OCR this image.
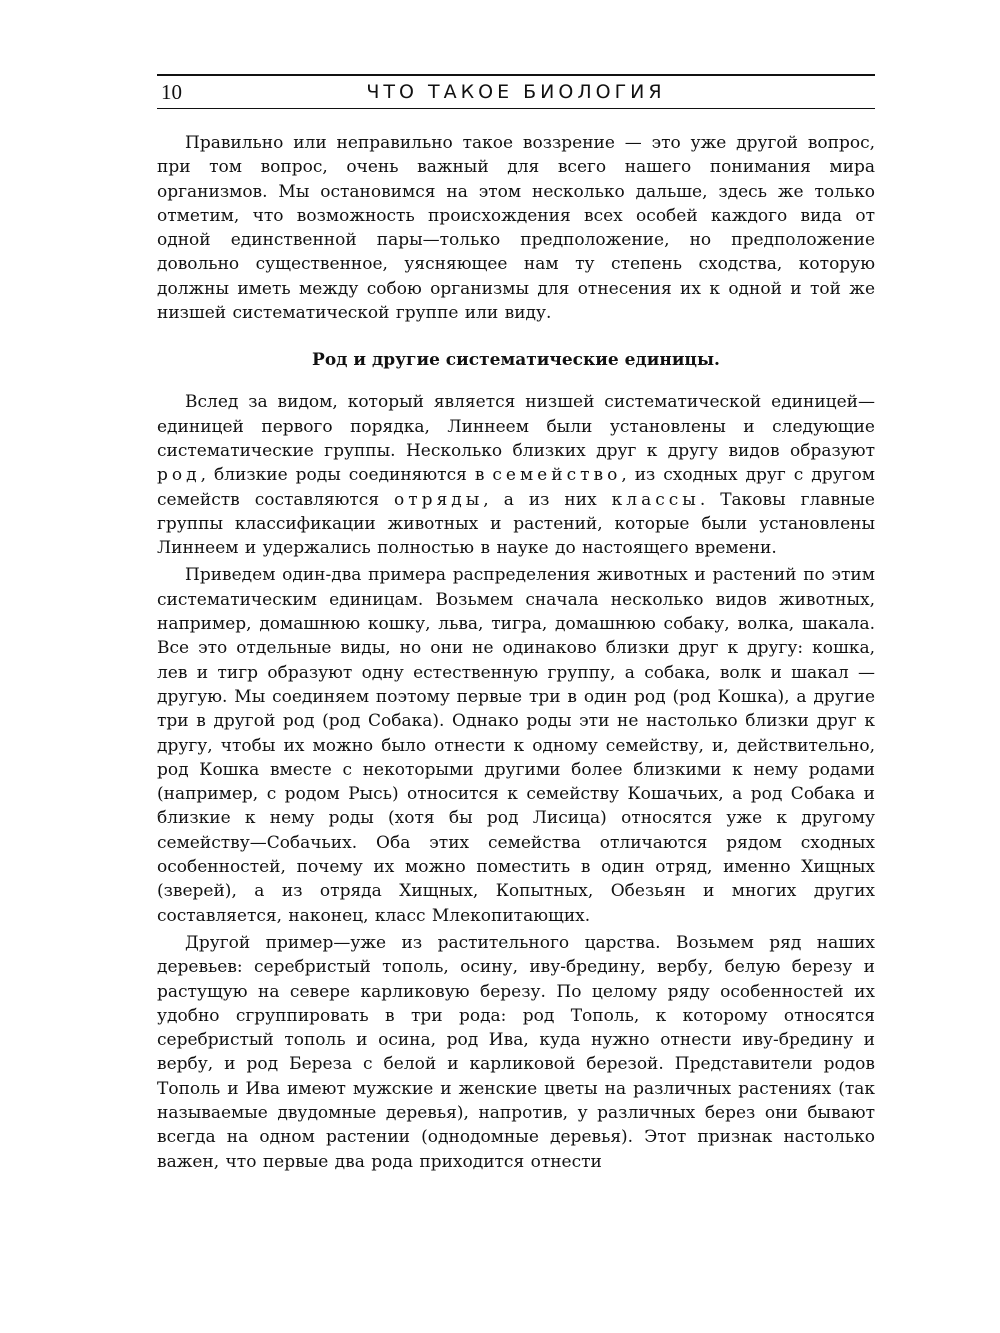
10	ЧТО ТАКОЕ БИОЛОГИЯ

Правильно или неправильно такое воззрение — это уже другой вопрос, при том вопрос, очень важный для всего нашего понимания мира организмов. Мы остановимся на этом несколько дальше, здесь же только отметим, что возможность происхождения всех особей каждого вида от одной единственной пары—только предположение, но предположение довольно существенное, уясняющее нам ту степень сходства, которую должны иметь между собою организмы для отнесения их к одной и той же низшей систематической группе или виду.

Род и другие систематические единицы.

Вслед за видом, который является низшей систематической единицей—единицей первого порядка, Линнеем были установлены и следующие систематические группы. Несколько близких друг к другу видов образуют род, близкие роды соединяются в семейство, из сходных друг с другом семейств составляются отряды, а из них классы. Таковы главные группы классификации животных и растений, которые были установлены Линнеем и удержались полностью в науке до настоящего времени.

Приведем один-два примера распределения животных и растений по этим систематическим единицам. Возьмем сначала несколько видов животных, например, домашнюю кошку, льва, тигра, домашнюю собаку, волка, шакала. Все это отдельные виды, но они не одинаково близки друг к другу: кошка, лев и тигр образуют одну естественную группу, а собака, волк и шакал — другую. Мы соединяем поэтому первые три в один род (род Кошка), а другие три в другой род (род Собака). Однако роды эти не настолько близки друг к другу, чтобы их можно было отнести к одному семейству, и, действительно, род Кошка вместе с некоторыми другими более близкими к нему родами (например, с родом Рысь) относится к семейству Кошачьих, а род Собака и близкие к нему роды (хотя бы род Лисица) относятся уже к другому семейству—Собачьих. Оба этих семейства отличаются рядом сходных особенностей, почему их можно поместить в один отряд, именно Хищных (зверей), а из отряда Хищных, Копытных, Обезьян и многих других составляется, наконец, класс Млекопитающих.

Другой пример—уже из растительного царства. Возьмем ряд наших деревьев: серебристый тополь, осину, иву-бредину, вербу, белую березу и растущую на севере карликовую березу. По целому ряду особенностей их удобно сгруппировать в три рода: род Тополь, к которому относятся серебристый тополь и осина, род Ива, куда нужно отнести иву-бредину и вербу, и род Береза с белой и карликовой березой. Представители родов Тополь и Ива имеют мужские и женские цветы на различных растениях (так называемые двудомные деревья), напротив, у различных берез они бывают всегда на одном растении (однодомные деревья). Этот признак настолько важен, что первые два рода приходится отнести
